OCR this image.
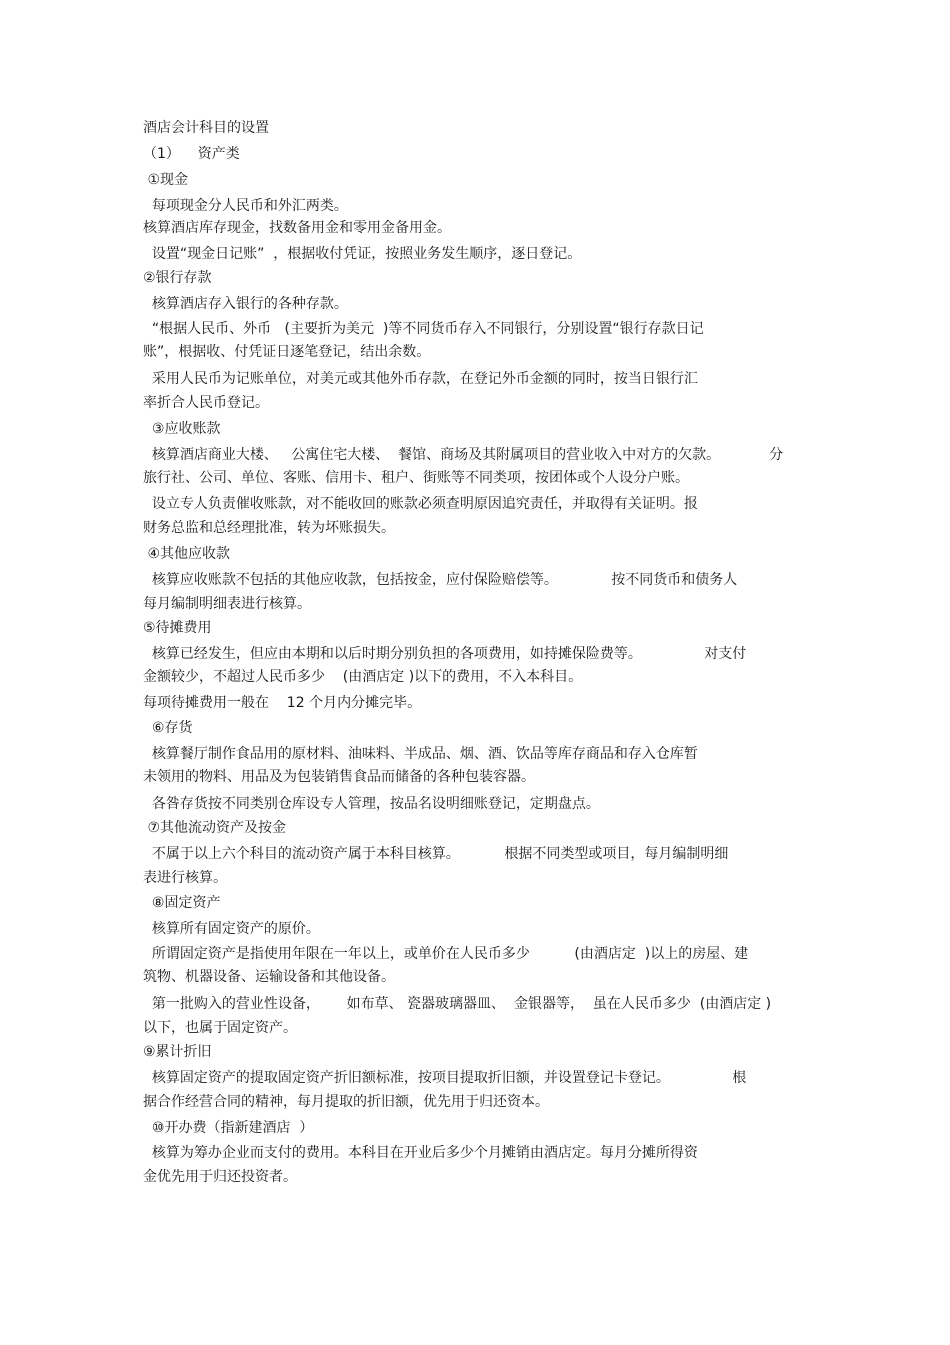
酒店会计科目的设置
（1）    资产类
①现金
每项现金分人民币和外汇两类。
核算酒店库存现金，找数备用金和零用金备用金。
设置“现金日记账”  ，根据收付凭证，按照业务发生顺序，逐日登记。
②银行存款
核算酒店存入银行的各种存款。
“根据人民币、外币   (主要折为美元  )等不同货币存入不同银行，分别设置“银行存款日记
账”，根据收、付凭证日逐笔登记，结出余数。
采用人民币为记账单位，对美元或其他外币存款，在登记外币金额的同时，按当日银行汇
率折合人民币登记。
③应收账款
核算酒店商业大楼、   公寓住宅大楼、  餐馆、商场及其附属项目的营业收入中对方的欠款。           分
旅行社、公司、单位、客账、信用卡、租户、街账等不同类项，按团体或个人设分户账。
设立专人负责催收账款，对不能收回的账款必须查明原因追究责任，并取得有关证明。报
财务总监和总经理批准，转为坏账损失。
④其他应收款
核算应收账款不包括的其他应收款，包括按金，应付保险赔偿等。            按不同货币和债务人
每月编制明细表进行核算。
⑤待摊费用
核算已经发生，但应由本期和以后时期分别负担的各项费用，如持摊保险费等。              对支付
金额较少，不超过人民币多少    (由酒店定 )以下的费用，不入本科目。
每项待摊费用一般在    12 个月内分摊完毕。
⑥存货
核算餐厅制作食品用的原材料、油味料、半成品、烟、酒、饮品等库存商品和存入仓库暂
未领用的物料、用品及为包装销售食品而储备的各种包装容器。
各咎存货按不同类别仓库设专人管理，按品名设明细账登记，定期盘点。
⑦其他流动资产及按金
不属于以上六个科目的流动资产属于本科目核算。          根据不同类型或项目，每月编制明细
表进行核算。
⑧固定资产
核算所有固定资产的原价。
所谓固定资产是指使用年限在一年以上，或单价在人民币多少          (由酒店定  )以上的房屋、建
筑物、机器设备、运输设备和其他设备。
第一批购入的营业性设备，      如布草、 瓷器玻璃器皿、  金银器等，  虽在人民币多少  (由酒店定 )
以下，也属于固定资产。
⑨累计折旧
核算固定资产的提取固定资产折旧额标准，按项目提取折旧额，并设置登记卡登记。              根
据合作经营合同的精神，每月提取的折旧额，优先用于归还资本。
⑩开办费（指新建酒店  ）
核算为筹办企业而支付的费用。本科目在开业后多少个月摊销由酒店定。每月分摊所得资
金优先用于归还投资者。
